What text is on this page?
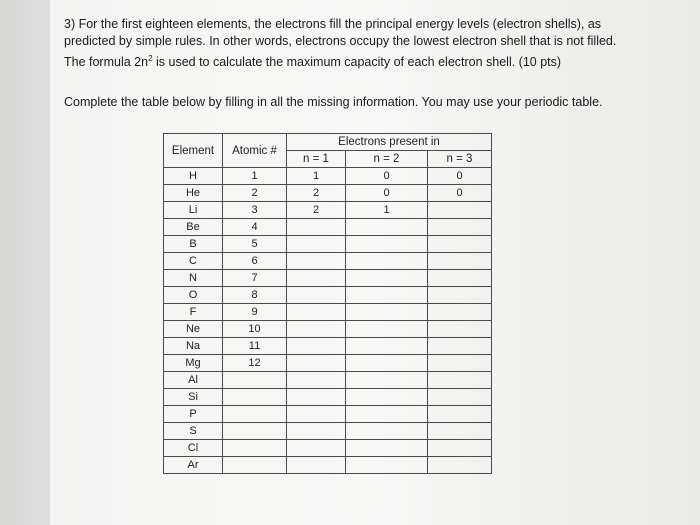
3) For the first eighteen elements, the electrons fill the principal energy levels (electron shells), as

predicted by simple rules. In other words, electrons occupy the lowest electron shell that is not filled.

The formula $2n^2$ is used to calculate the maximum capacity of each electron shell. (10 pts)

Complete the table below by filling in all the missing information. You may use your periodic table.
Element	Atomic #	Electrons present in		
		n = 1	n = 2	n = 3
H	1	1	0	0
He	2	2	0	0
Li	3	2	1	
Be	4			
B	5			
C	6			
N	7			
O	8			
F	9			
Ne	10			
Na	11			
Mg	12			
Al				
Si				
P				
S				
Cl				
Ar				
